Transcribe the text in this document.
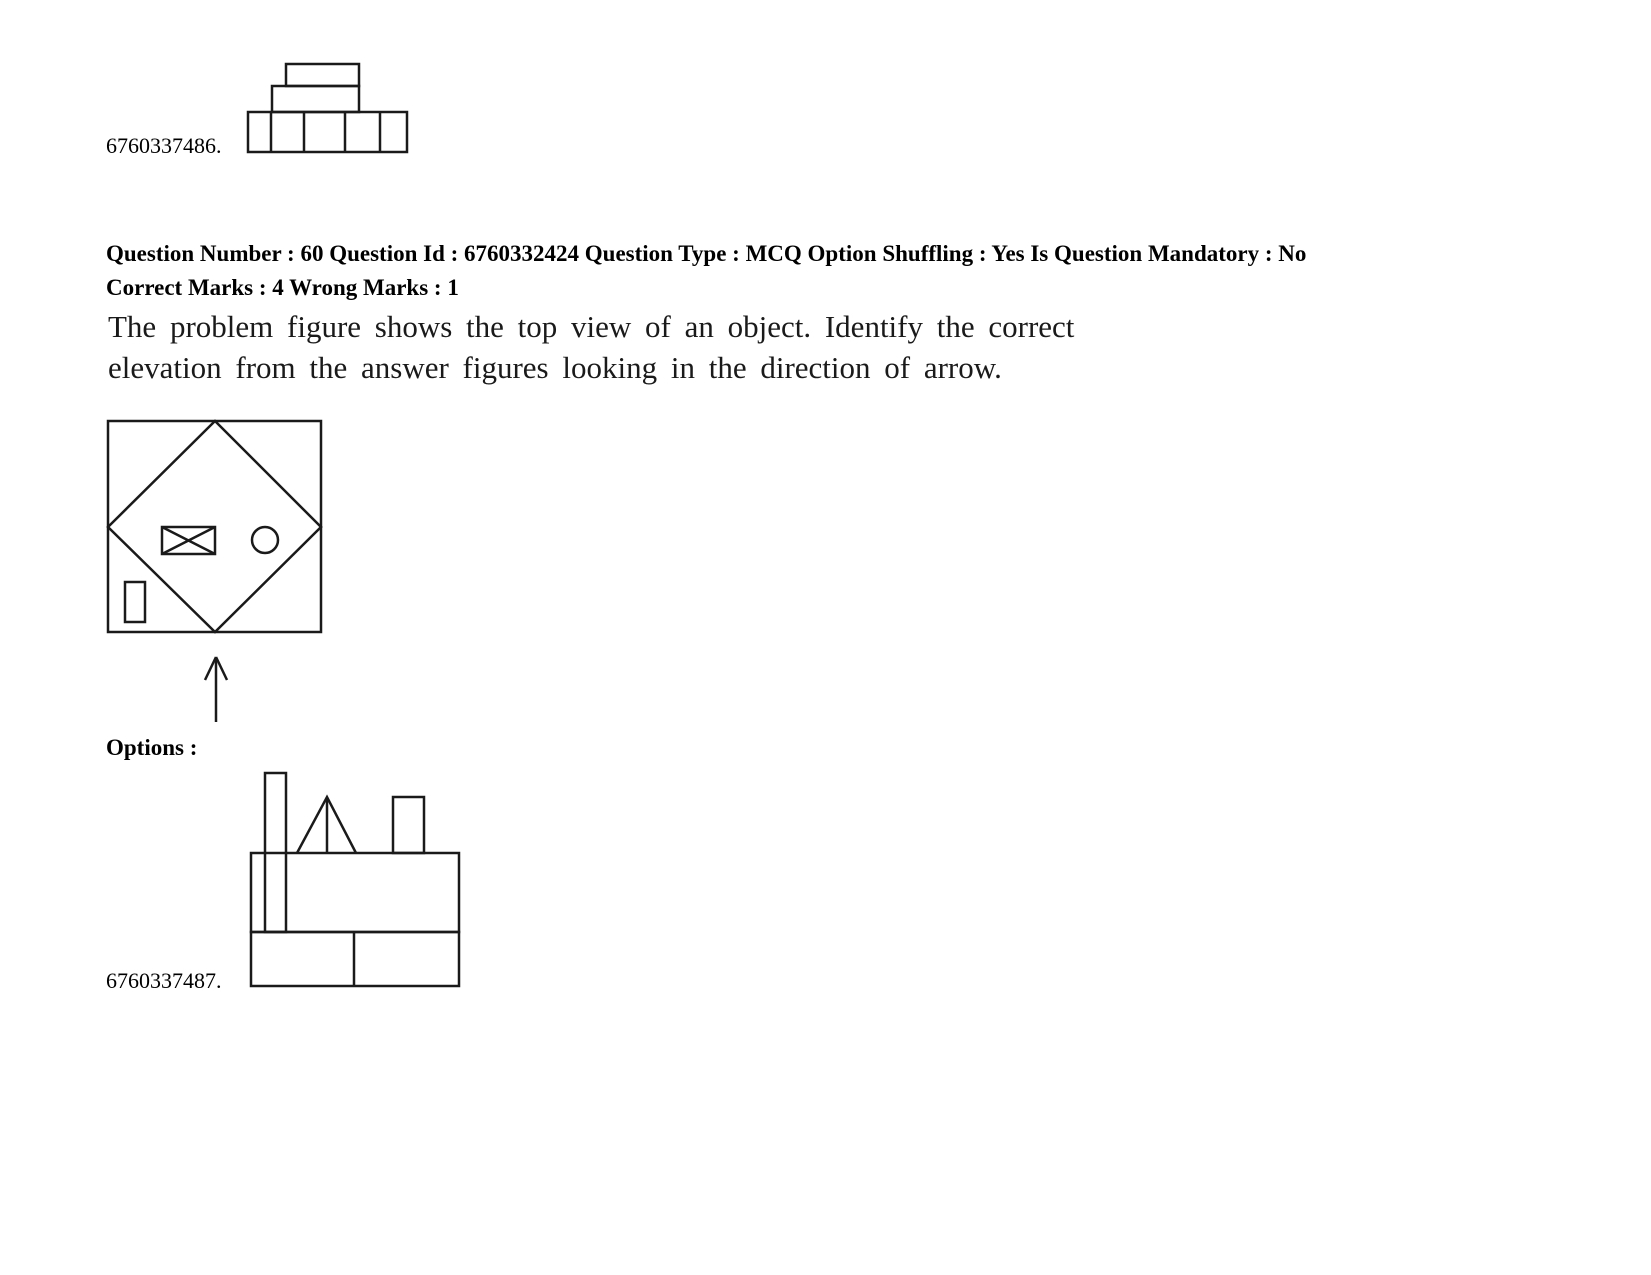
6760337486.
Question Number : 60 Question Id : 6760332424 Question Type : MCQ Option Shuffling : Yes Is Question Mandatory : No
Correct Marks : 4 Wrong Marks : 1
The problem figure shows the top view of an object. Identify the correct
elevation from the answer figures looking in the direction of arrow.
Options :
6760337487.
